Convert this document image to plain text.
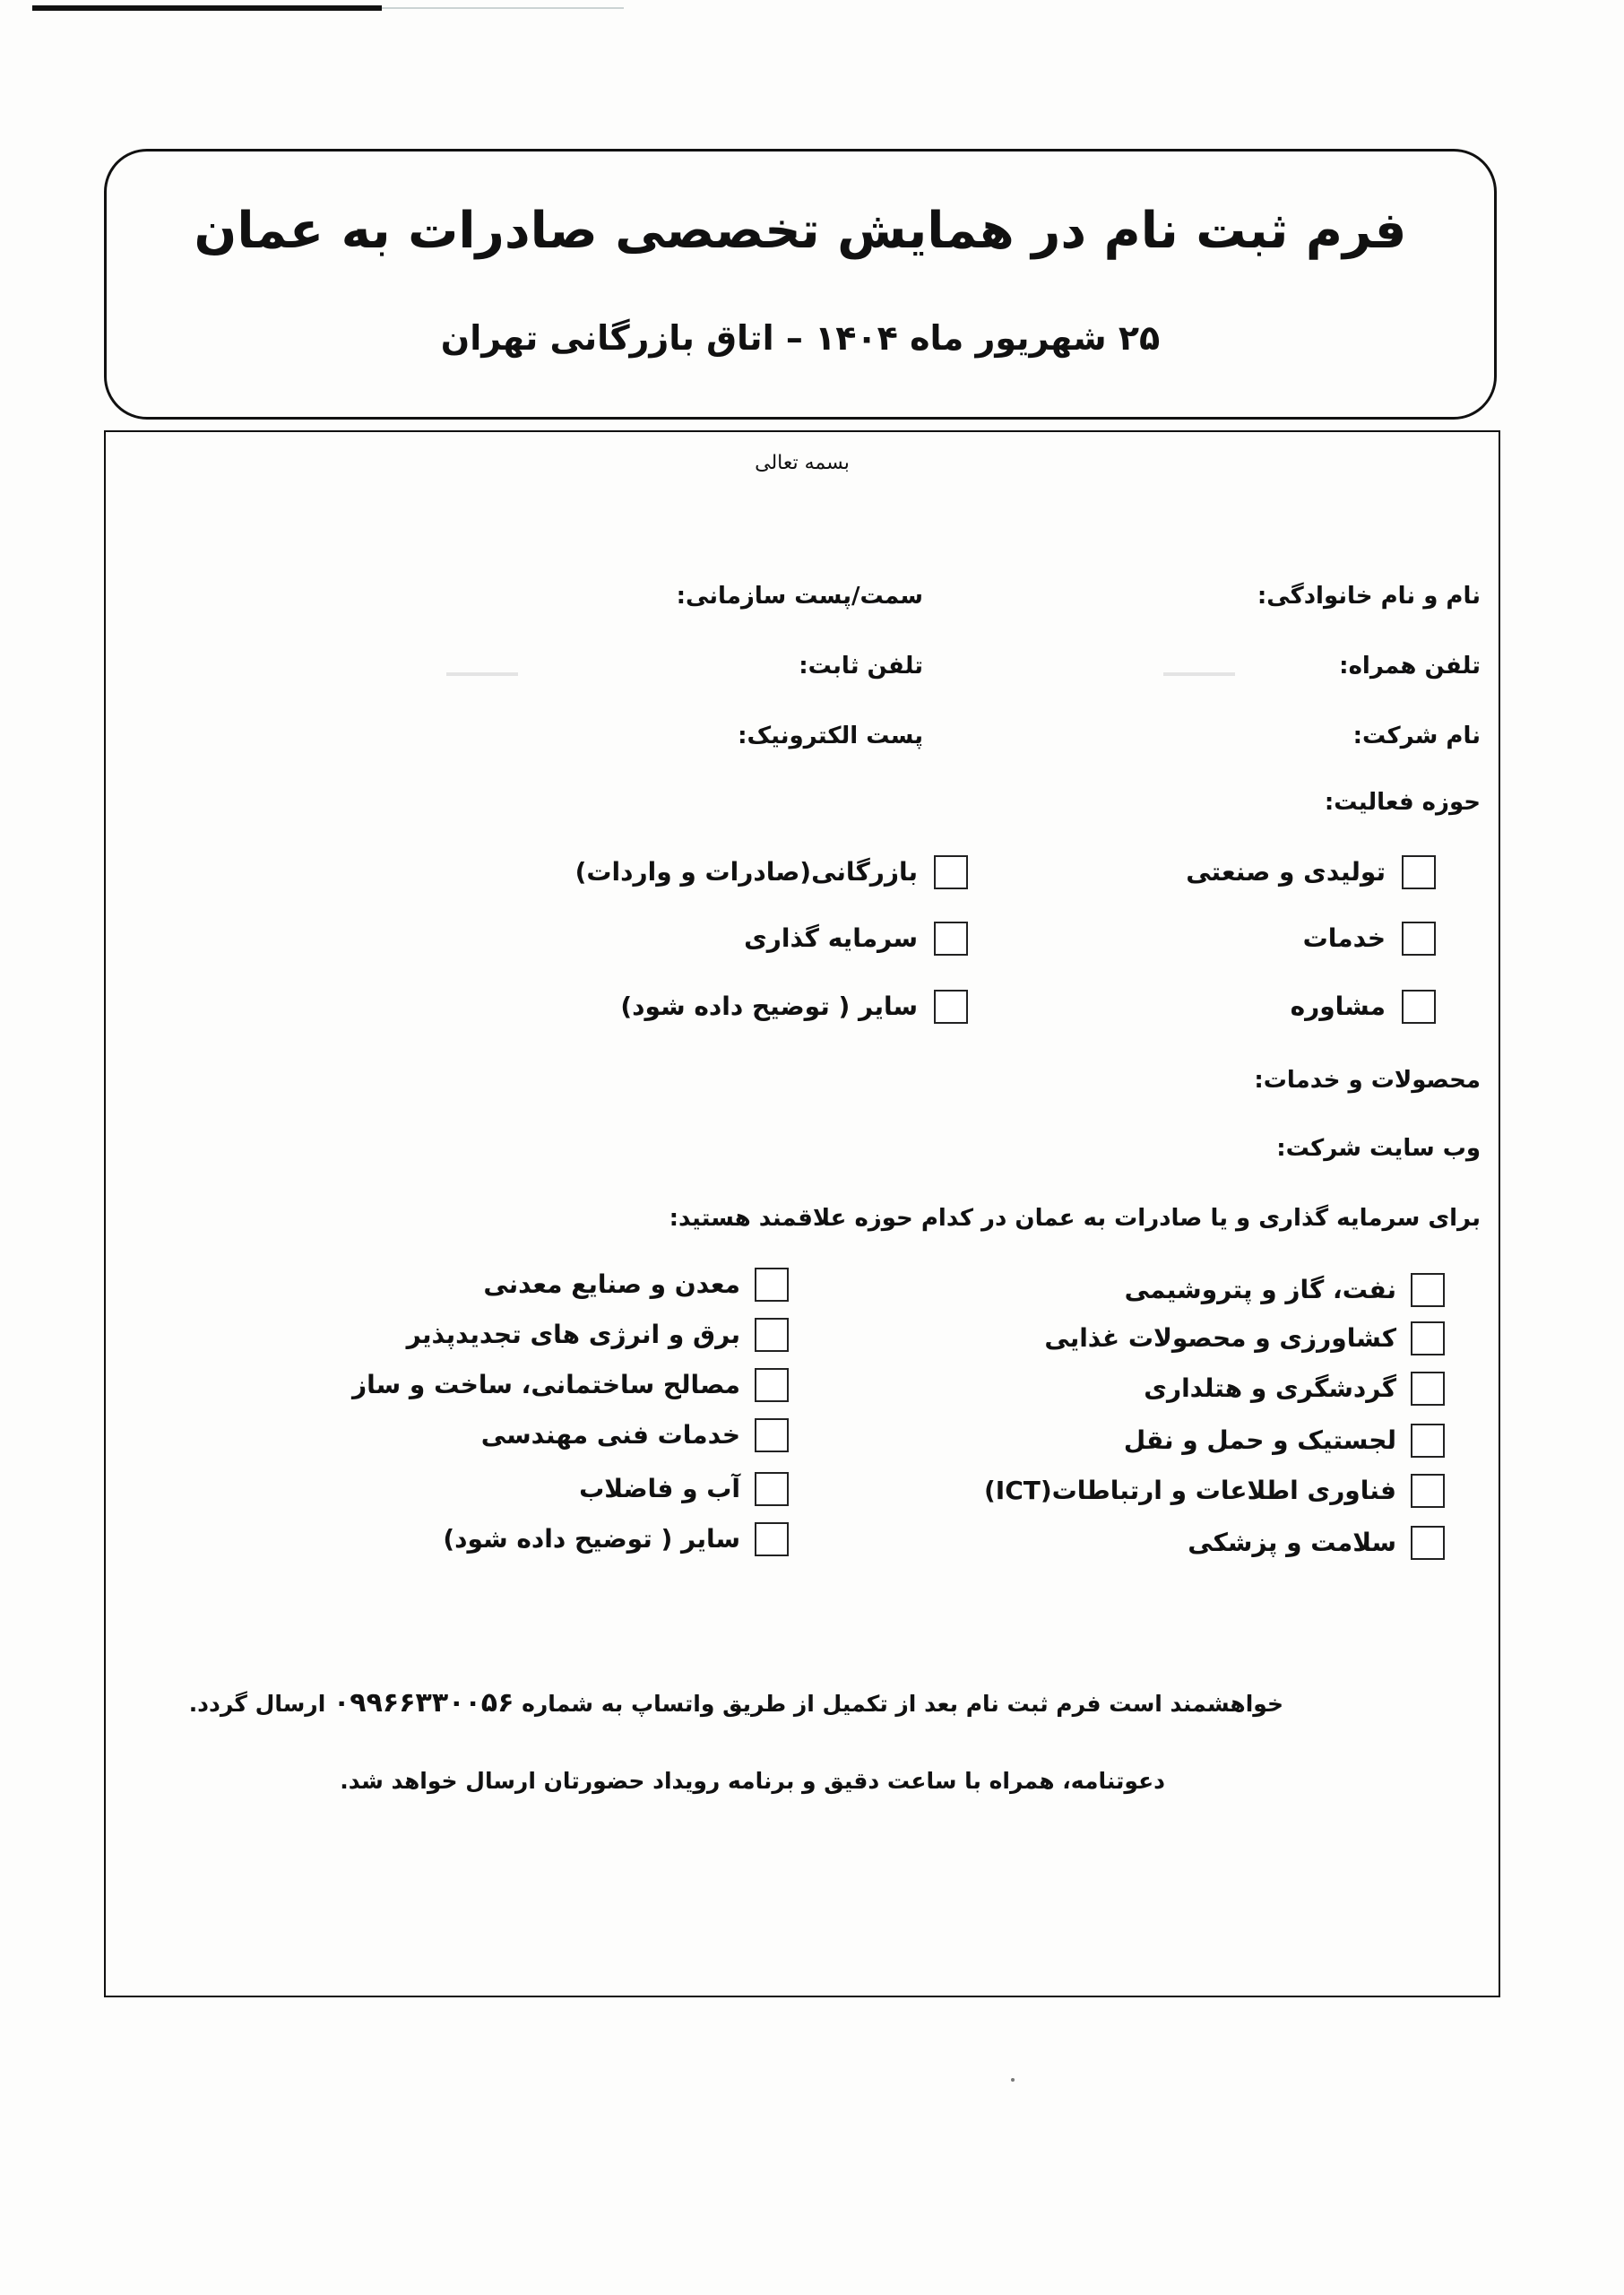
فرم ثبت نام در همایش تخصصی صادرات به عمان
۲۵ شهریور ماه ۱۴۰۴ – اتاق بازرگانی تهران
بسمه تعالی
نام و نام خانوادگی:
سمت/پست سازمانی:
تلفن همراه:
تلفن ثابت:
نام شرکت:
پست الکترونیک:
حوزه فعالیت:
تولیدی و صنعتی
خدمات
مشاوره
بازرگانی(صادرات و واردات)
سرمایه گذاری
سایر ( توضیح داده شود)
محصولات و خدمات:
وب سایت شرکت:
برای سرمایه گذاری و یا صادرات به عمان در کدام حوزه علاقمند هستید:
نفت، گاز و پتروشیمی
کشاورزی و محصولات غذایی
گردشگری و هتلداری
لجستیک و حمل و نقل
فناوری اطلاعات و ارتباطات(ICT)
سلامت و پزشکی
معدن و صنایع معدنی
برق و انرژی های تجدیدپذیر
مصالح ساختمانی، ساخت و ساز
خدمات فنی مهندسی
آب و فاضلاب
سایر ( توضیح داده شود)
خواهشمند است فرم ثبت نام بعد از تکمیل از طریق واتساپ به شماره ۰۹۹۶۶۳۳۰۰۵۶ ارسال گردد.
دعوتنامه، همراه با ساعت دقیق و برنامه رویداد حضورتان ارسال خواهد شد.
